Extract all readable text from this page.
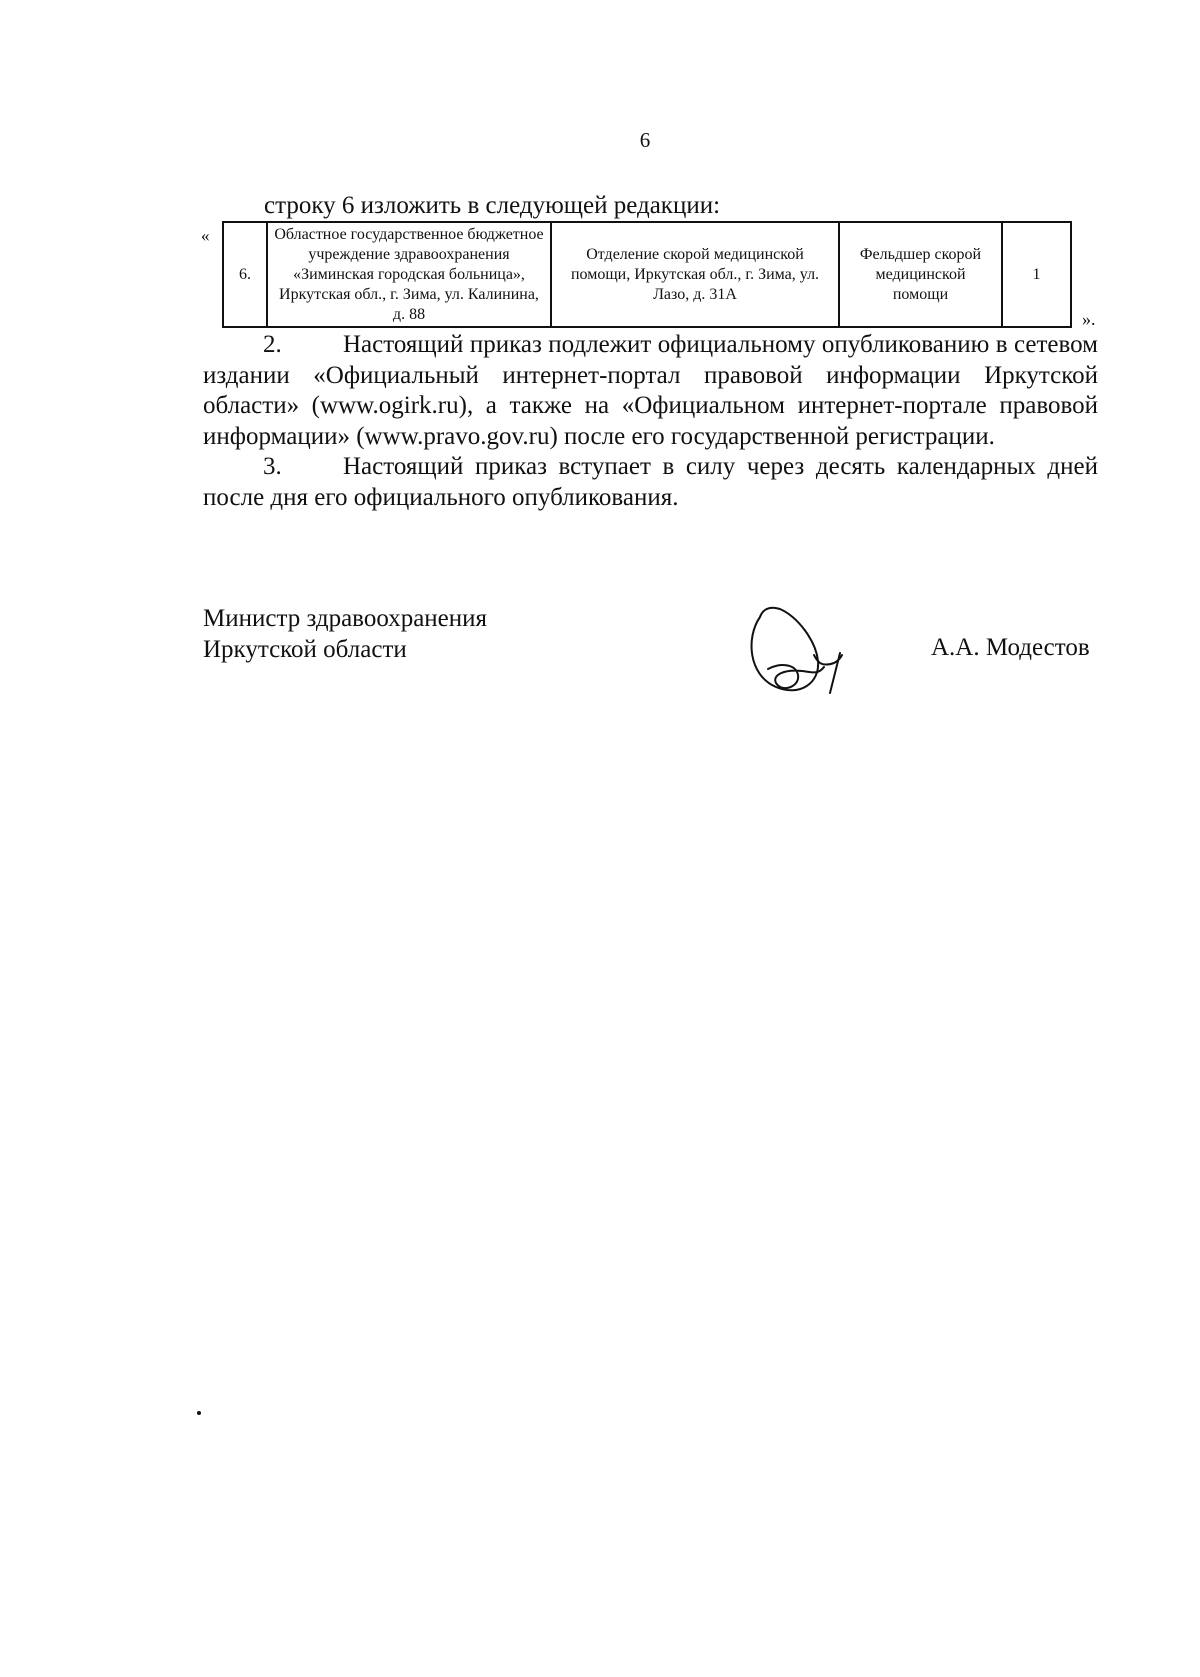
6
строку 6 изложить в следующей редакции:
«
6.	Областное государственное бюджетное учреждение здравоохранения «Зиминская городская больница», Иркутская обл., г. Зима, ул. Калинина, д. 88	Отделение скорой медицинской помощи, Иркутская обл., г. Зима, ул. Лазо, д. 31А	Фельдшер скорой медицинской помощи	1
».

2. Настоящий приказ подлежит официальному опубликованию в сетевом издании «Официальный интернет-портал правовой информации Иркутской области» (www.ogirk.ru), а также на «Официальном интернет-портале правовой информации» (www.pravo.gov.ru) после его государственной регистрации.

3. Настоящий приказ вступает в силу через десять календарных дней после дня его официального опубликования.

Министр здравоохранения
Иркутской области	А.А. Модестов
